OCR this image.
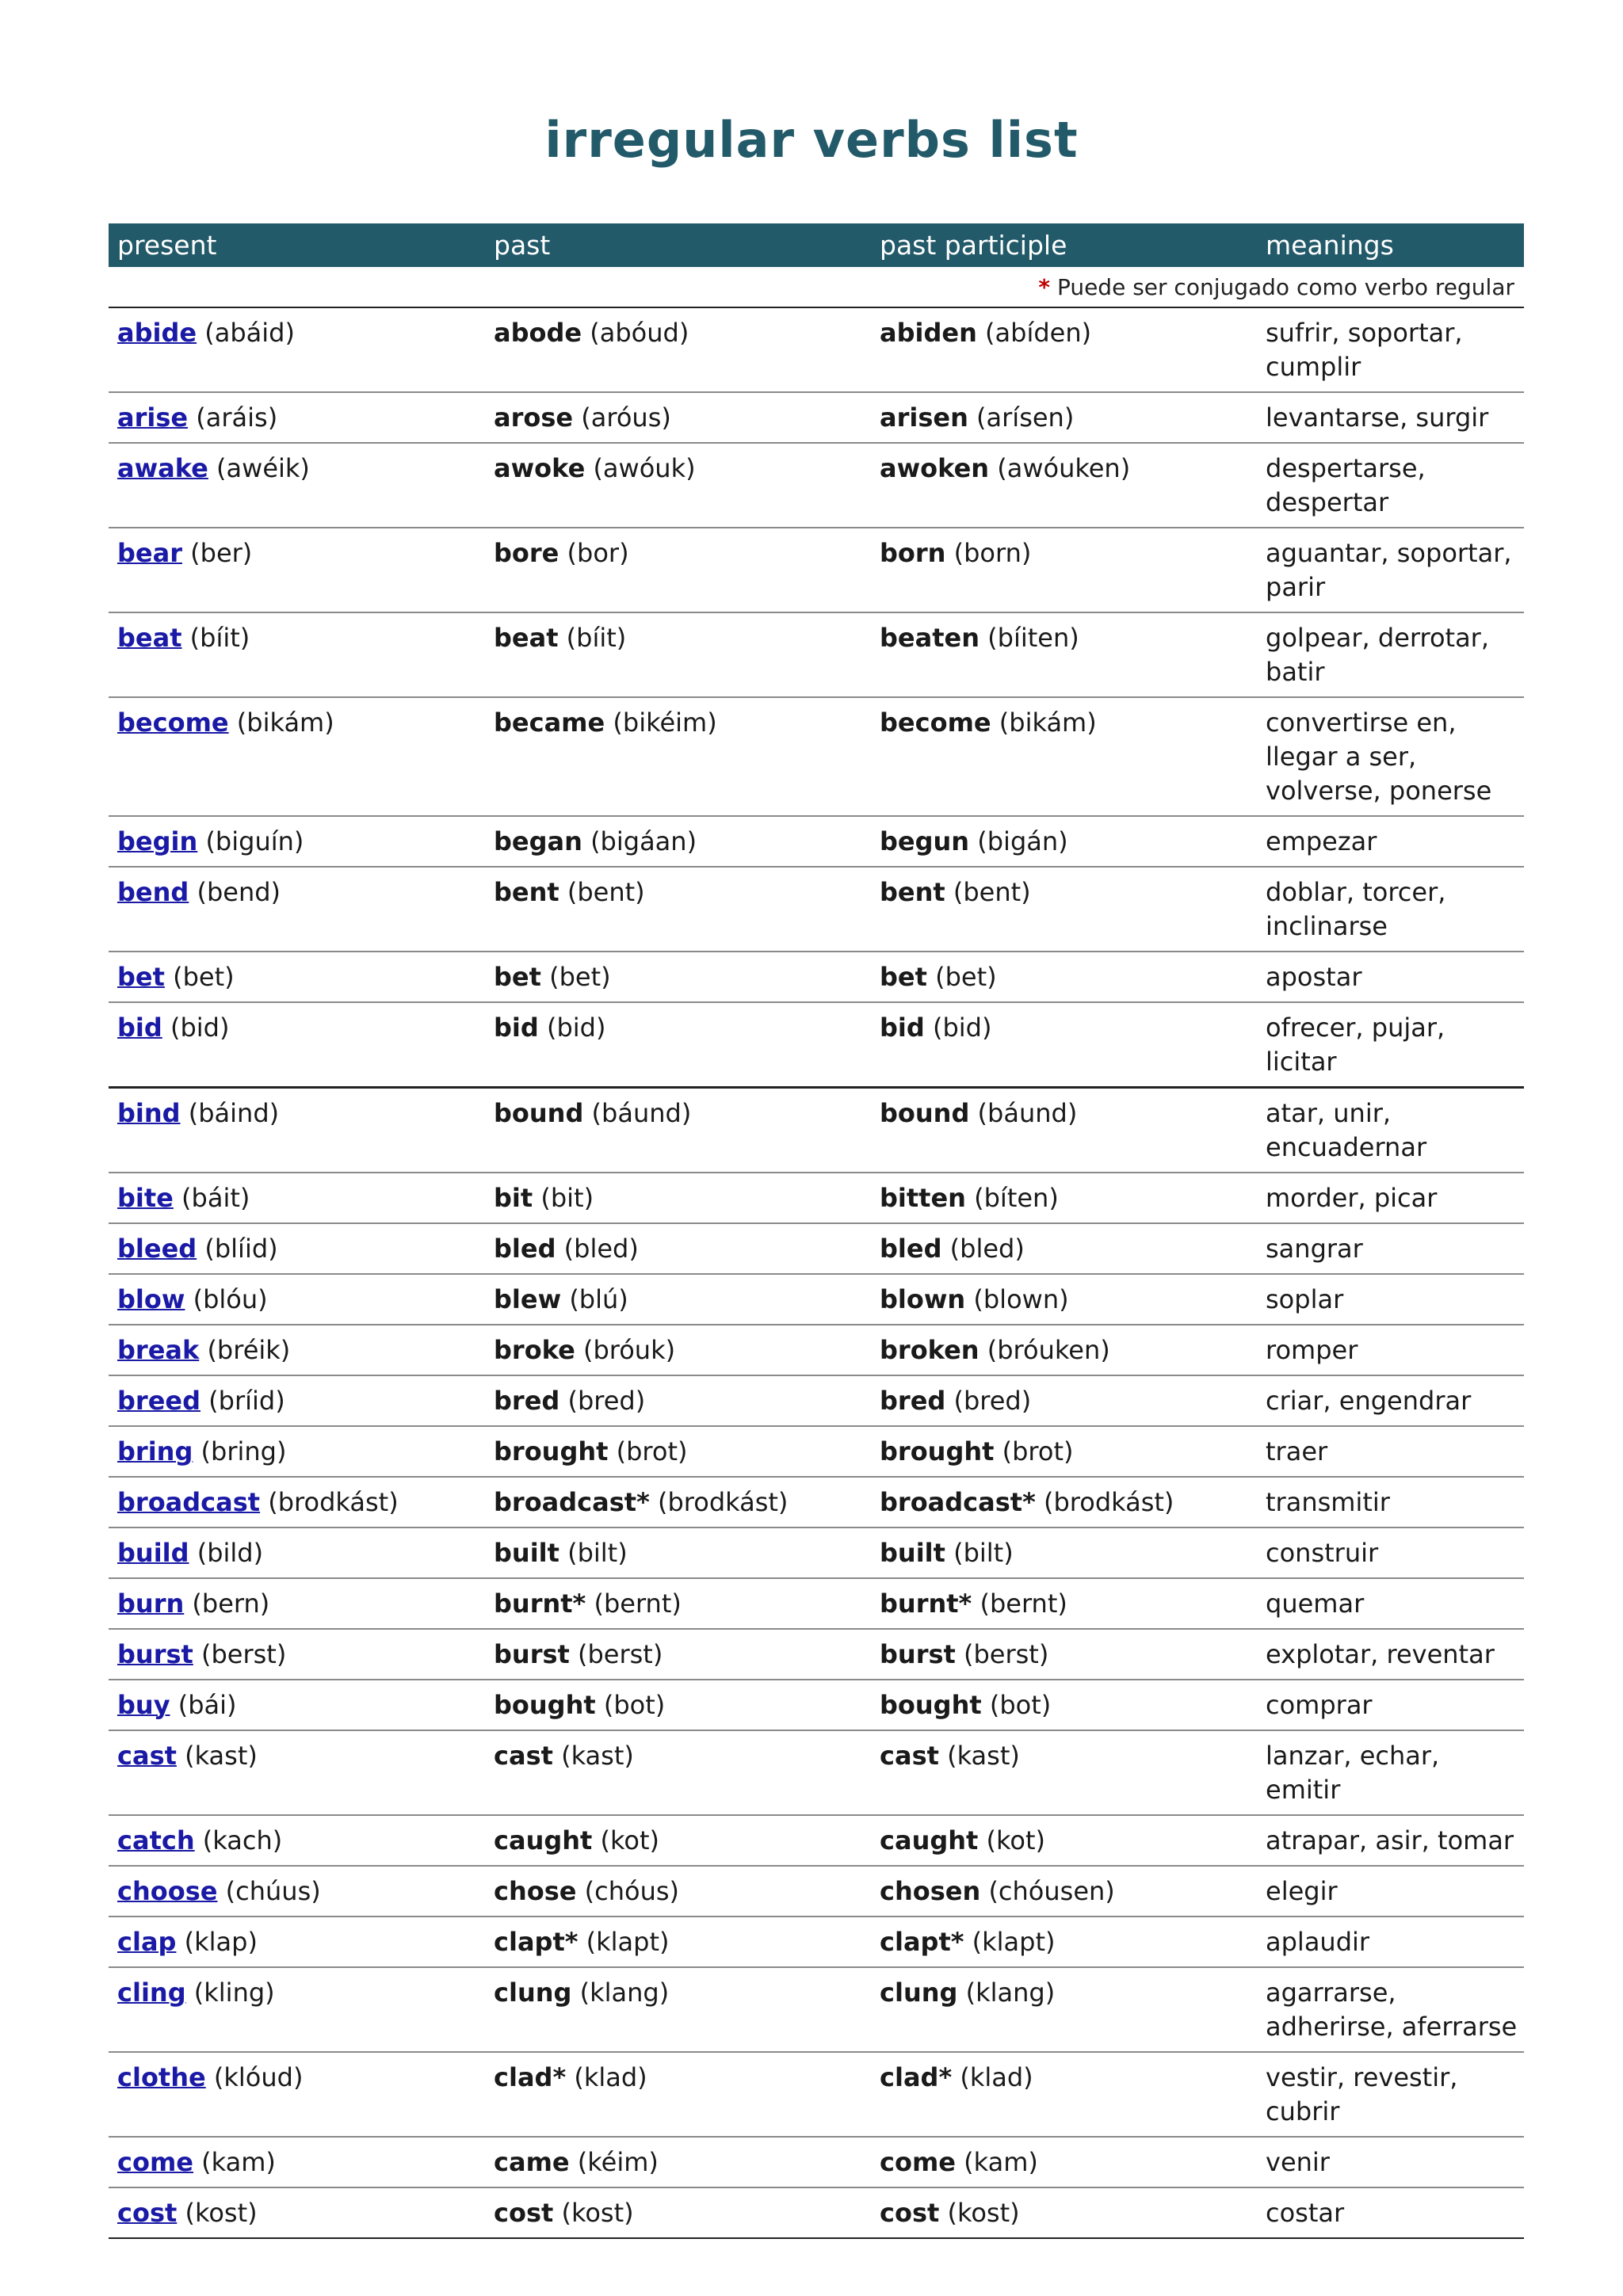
irregular verbs list
present	past	past participle	meanings
* Puede ser conjugado como verbo regular			
abide (abáid)	abode (abóud)	abiden (abíden)	sufrir, soportar, cumplir
arise (aráis)	arose (aróus)	arisen (arísen)	levantarse, surgir
awake (awéik)	awoke (awóuk)	awoken (awóuken)	despertarse, despertar
bear (ber)	bore (bor)	born (born)	aguantar, soportar, parir
beat (bíit)	beat (bíit)	beaten (bíiten)	golpear, derrotar, batir
become (bikám)	became (bikéim)	become (bikám)	convertirse en, llegar a ser, volverse, ponerse
begin (biguín)	began (bigáan)	begun (bigán)	empezar
bend (bend)	bent (bent)	bent (bent)	doblar, torcer, inclinarse
bet (bet)	bet (bet)	bet (bet)	apostar
bid (bid)	bid (bid)	bid (bid)	ofrecer, pujar, licitar
bind (báind)	bound (báund)	bound (báund)	atar, unir, encuadernar
bite (báit)	bit (bit)	bitten (bíten)	morder, picar
bleed (blíid)	bled (bled)	bled (bled)	sangrar
blow (blóu)	blew (blú)	blown (blown)	soplar
break (bréik)	broke (bróuk)	broken (bróuken)	romper
breed (bríid)	bred (bred)	bred (bred)	criar, engendrar
bring (bring)	brought (brot)	brought (brot)	traer
broadcast (brodkást)	broadcast* (brodkást)	broadcast* (brodkást)	transmitir
build (bild)	built (bilt)	built (bilt)	construir
burn (bern)	burnt* (bernt)	burnt* (bernt)	quemar
burst (berst)	burst (berst)	burst (berst)	explotar, reventar
buy (bái)	bought (bot)	bought (bot)	comprar
cast (kast)	cast (kast)	cast (kast)	lanzar, echar, emitir
catch (kach)	caught (kot)	caught (kot)	atrapar, asir, tomar
choose (chúus)	chose (chóus)	chosen (chóusen)	elegir
clap (klap)	clapt* (klapt)	clapt* (klapt)	aplaudir
cling (kling)	clung (klang)	clung (klang)	agarrarse, adherirse, aferrarse
clothe (klóud)	clad* (klad)	clad* (klad)	vestir, revestir, cubrir
come (kam)	came (kéim)	come (kam)	venir
cost (kost)	cost (kost)	cost (kost)	costar
